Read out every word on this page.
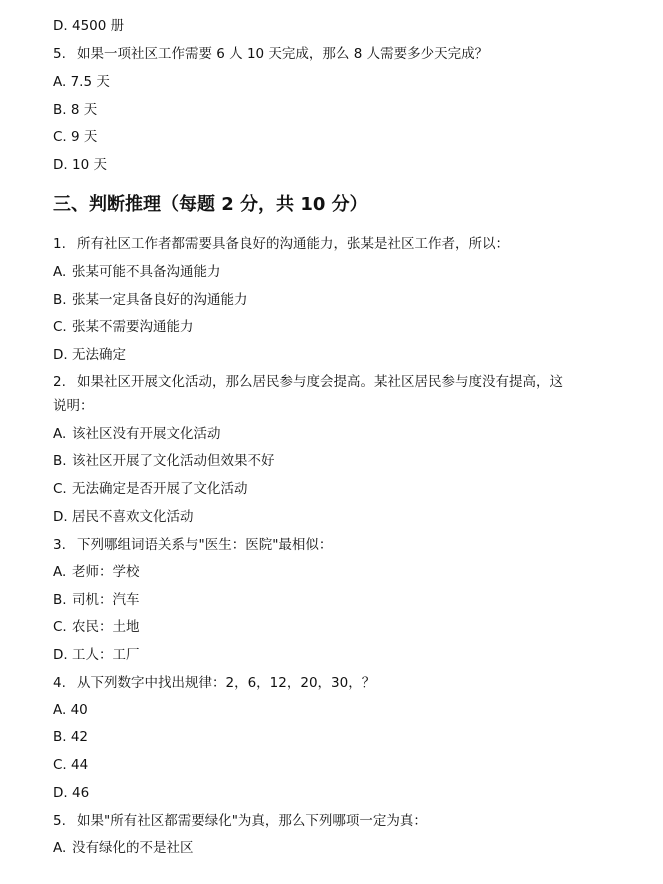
D. 4500 册
5. 如果一项社区工作需要 6 人 10 天完成，那么 8 人需要多少天完成？
A. 7.5 天
B. 8 天
C. 9 天
D. 10 天
三、判断推理（每题 2 分，共 10 分）
1. 所有社区工作者都需要具备良好的沟通能力，张某是社区工作者，所以：
A. 张某可能不具备沟通能力
B. 张某一定具备良好的沟通能力
C. 张某不需要沟通能力
D. 无法确定
2. 如果社区开展文化活动，那么居民参与度会提高。某社区居民参与度没有提高，这
说明：
A. 该社区没有开展文化活动
B. 该社区开展了文化活动但效果不好
C. 无法确定是否开展了文化活动
D. 居民不喜欢文化活动
3. 下列哪组词语关系与"医生：医院"最相似：
A. 老师：学校
B. 司机：汽车
C. 农民：土地
D. 工人：工厂
4. 从下列数字中找出规律：2，6，12，20，30，？
A. 40
B. 42
C. 44
D. 46
5. 如果"所有社区都需要绿化"为真，那么下列哪项一定为真：
A. 没有绿化的不是社区
